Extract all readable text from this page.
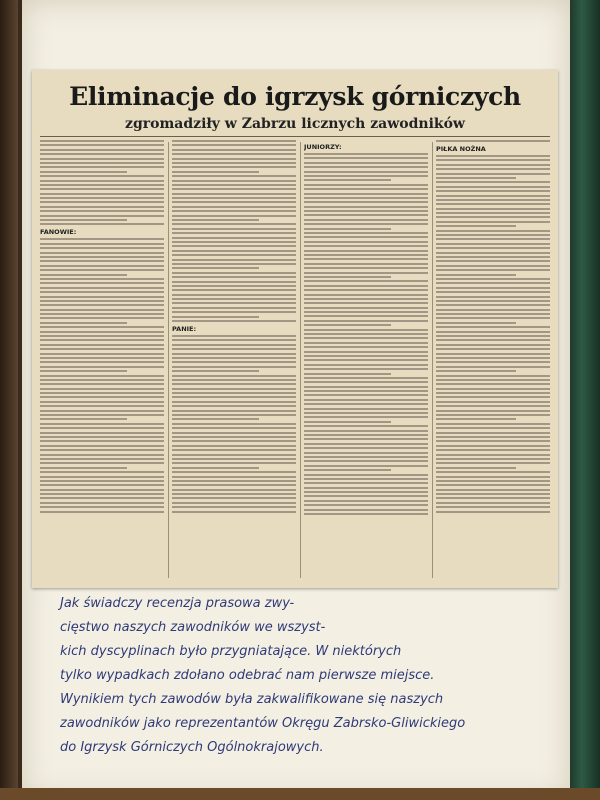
Eliminacje do igrzysk górniczych
zgromadziły w Zabrzu licznych zawodników
FANOWIE:
PANIE:
JUNIORZY:	PIŁKA NOŻNA
Jak świadczy recenzja prasowa zwy-
cięstwo naszych zawodników we wszyst-
kich dyscyplinach było przygniatające. W niektórych
tylko wypadkach zdołano odebrać nam pierwsze miejsce.
Wynikiem tych zawodów była zakwalifikowane się naszych
zawodników jako reprezentantów Okręgu Zabrsko-Gliwickiego
do Igrzysk Górniczych Ogólnokrajowych.
